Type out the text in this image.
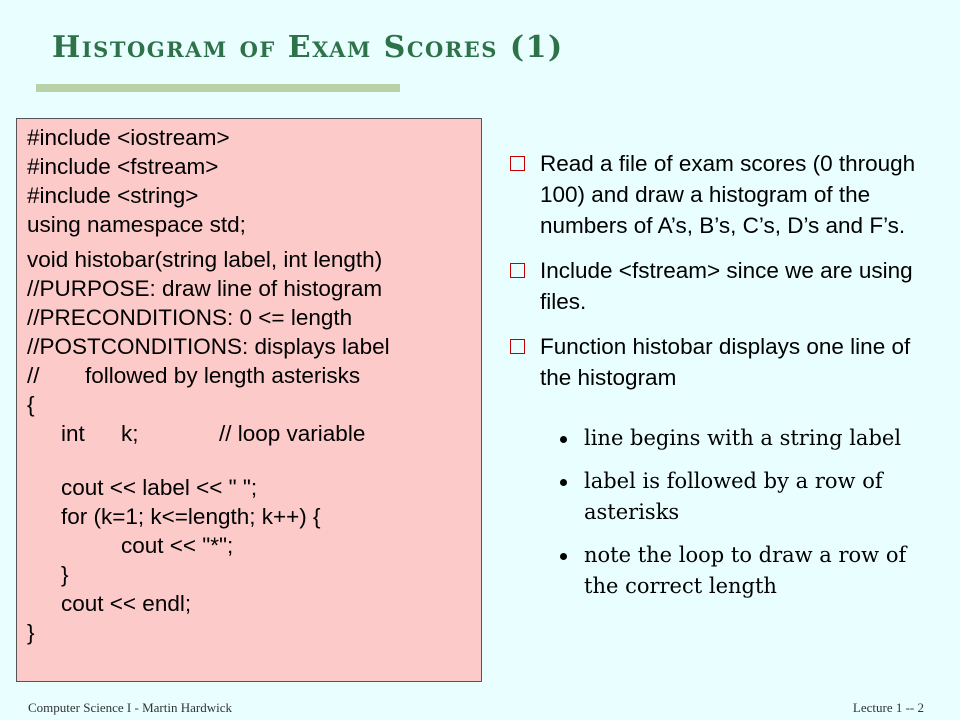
Histogram of Exam Scores (1)
#include <iostream>
#include <fstream>
#include <string>
using namespace std;
void histobar(string label, int length)
//PURPOSE: draw line of histogram
//PRECONDITIONS: 0 <= length
//POSTCONDITIONS: displays label
// followed by length asterisks
{
int k;	// loop variable
cout << label << " ";
for (k=1; k<=length; k++) {
cout << "*";
}
cout << endl;
}
Read a file of exam scores (0 through 100) and draw a histogram of the numbers of A’s, B’s, C’s, D’s and F’s.
Include <fstream> since we are using files.
Function histobar displays one line of the histogram
line begins with a string label
label is followed by a row of asterisks
note the loop to draw a row of the correct length
Computer Science I - Martin Hardwick	Lecture 1 -- 2
